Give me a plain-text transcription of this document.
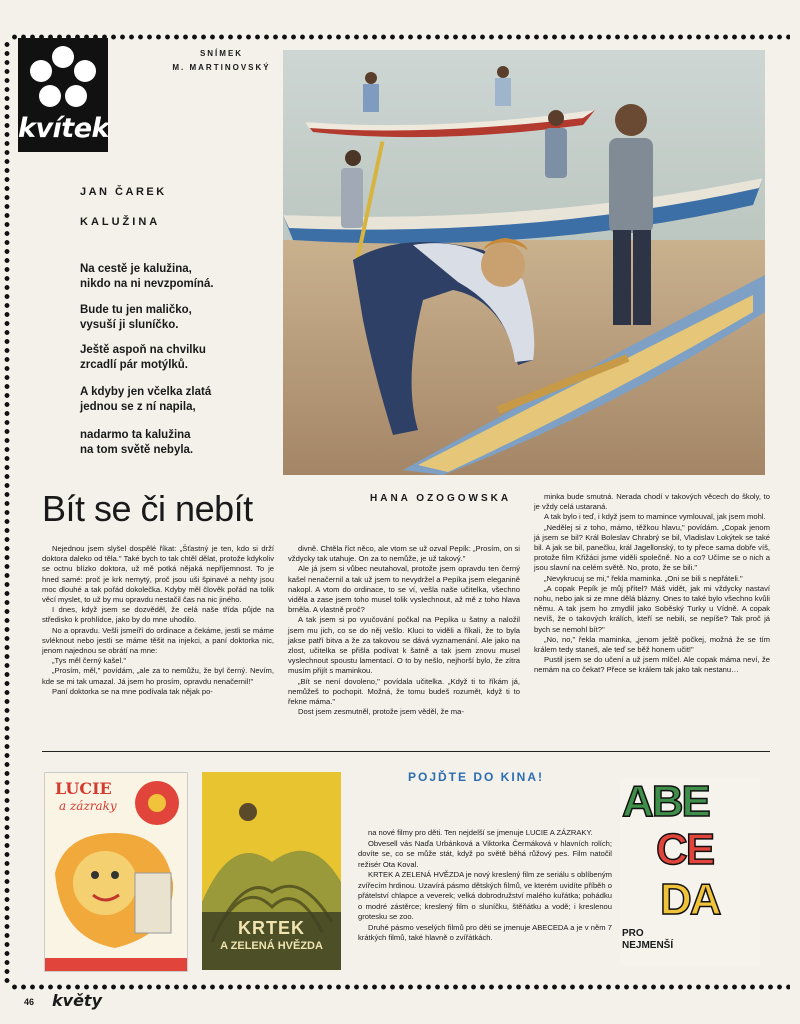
kvítek
SNÍMEK
M. MARTINOVSKÝ
JAN ČAREK
KALUŽINA
Na cestě je kalužina,
nikdo na ni nevzpomíná.
Bude tu jen maličko,
vysuší ji sluníčko.
Ještě aspoň na chvilku
zrcadlí pár motýlků.
A kdyby jen včelka zlatá
jednou se z ní napila,
nadarmo ta kalužina
na tom světě nebyla.
Bít se či nebít	HANA OZOGOWSKA

Nejednou jsem slyšel dospělé říkat: „Šťastný je ten, kdo si drží doktora daleko od těla." Také bych to tak chtěl dělat, protože kdykoliv se octnu blízko doktora, už mě potká nějaká nepříjemnost. To je hned samé: proč je krk nemytý, proč jsou uši špinavé a nehty jsou moc dlouhé a tak pořád dokolečka. Kdyby měl člověk pořád na tolik věcí myslet, to už by mu opravdu nestačil čas na nic jiného.

I dnes, když jsem se dozvěděl, že celá naše třída půjde na středisko k prohlídce, jako by do mne uhodilo.

No a opravdu. Vešli jsmeíří do ordinace a čekáme, jestli se máme svléknout nebo jestli se máme těšit na injekci, a paní doktorka nic, jenom najednou se obrátí na mne:

„Tys měl černý kašel."

„Prosím, měl," povídám, „ale za to nemůžu, že byl černý. Nevím, kde se mi tak umazal. Já jsem ho prosím, opravdu nenačernil!"

Paní doktorka se na mne podívala tak nějak po-

divně. Chtěla říct něco, ale vtom se už ozval Pepík: „Prosím, on si vždycky tak utahuje. On za to nemůže, je už takový."

Ale já jsem si vůbec neutahoval, protože jsem opravdu ten černý kašel nenačernil a tak už jsem to nevydržel a Pepíka jsem eleganině nakopl. A vtom do ordinace, to se ví, vešla naše učitelka, všechno viděla a zase jsem toho musel tolik vyslechnout, až mě z toho hlava brněla. A vlastně proč?

A tak jsem si po vyučování počkal na Pepíka u šatny a naložil jsem mu jich, co se do něj vešlo. Kluci to viděli a říkali, že to byla jakse patří bitva a že za takovou se dává vyznamenání. Ale jako na zlost, učitelka se přišla podívat k šatně a tak jsem znovu musel vyslechnout spoustu lamentací. O to by nešlo, nejhorší bylo, že zítra musím přijít s maminkou.

„Bít se není dovoleno," povídala učitelka. „Když ti to říkám já, nemůžeš to pochopit. Možná, že tomu budeš rozumět, když ti to řekne máma."

Dost jsem zesmutněl, protože jsem věděl, že ma-

minka bude smutná. Nerada chodí v takových věcech do školy, to je vždy celá ustaraná.

A tak bylo i teď, i když jsem to mamince vymlouval, jak jsem mohl.

„Nedělej si z toho, mámo, těžkou hlavu," povídám. „Copak jenom já jsem se bil? Král Boleslav Chrabrý se bil, Vladislav Lokýtek se také bil. A jak se bil, panečku, král Jagellonský, to ty přece sama dobře víš, protože film Křižáci jsme viděli společně. No a co? Učíme se o nich a jsou slavní na celém světě. No, proto, že se bili."

„Nevykrucuj se mi," řekla maminka. „Oni se bili s nepřáteli."

„A copak Pepík je můj přítel? Máš vidět, jak mi vždycky nastaví nohu, nebo jak si ze mne dělá blázny. Ones to také bylo všechno kvůli němu. A tak jsem ho zmydlil jako Soběský Turky u Vídně. A copak nevíš, že o takových králích, kteří se nebili, se nepíše? Tak proč já bych se nemohl bít?"

„No, no," řekla maminka, „jenom ještě počkej, možná že se tím králem tedy staneš, ale teď se běž honem učit!"

Pustil jsem se do učení a už jsem mlčel. Ale copak máma neví, že nemám na co čekat? Přece se králem tak jako tak nestanu…

LUCIE
a zázraky
KRTEK
A ZELENÁ HVĚZDA
POJĎTE DO KINA!

na nové filmy pro děti. Ten nejdelší se jmenuje LUCIE A ZÁZRAKY.

Obvesell vás Naďa Urbánková a Viktorka Čermáková v hlavních rolích; dovíte se, co se může stát, když po světě běhá růžový pes. Film natočil režisér Ota Koval.

KRTEK A ZELENÁ HVĚZDA je nový kreslený film ze seriálu s oblíbeným zvířecím hrdinou. Uzavírá pásmo dětských filmů, ve kterém uvidíte příběh o přátelství chlapce a veverek; velká dobrodružství malého kuřátka; pohádku o modré zástěrce; kreslený film o sluníčku, štěňátku a vodě; i kreslenou grotesku se zoo.

Druhé pásmo veselých filmů pro děti se jmenuje ABECEDA a je v něm 7 krátkých filmů, také hlavně o zvířátkách.

ABE
CE
DA
PRO
NEJMENŠÍ
46 květy
